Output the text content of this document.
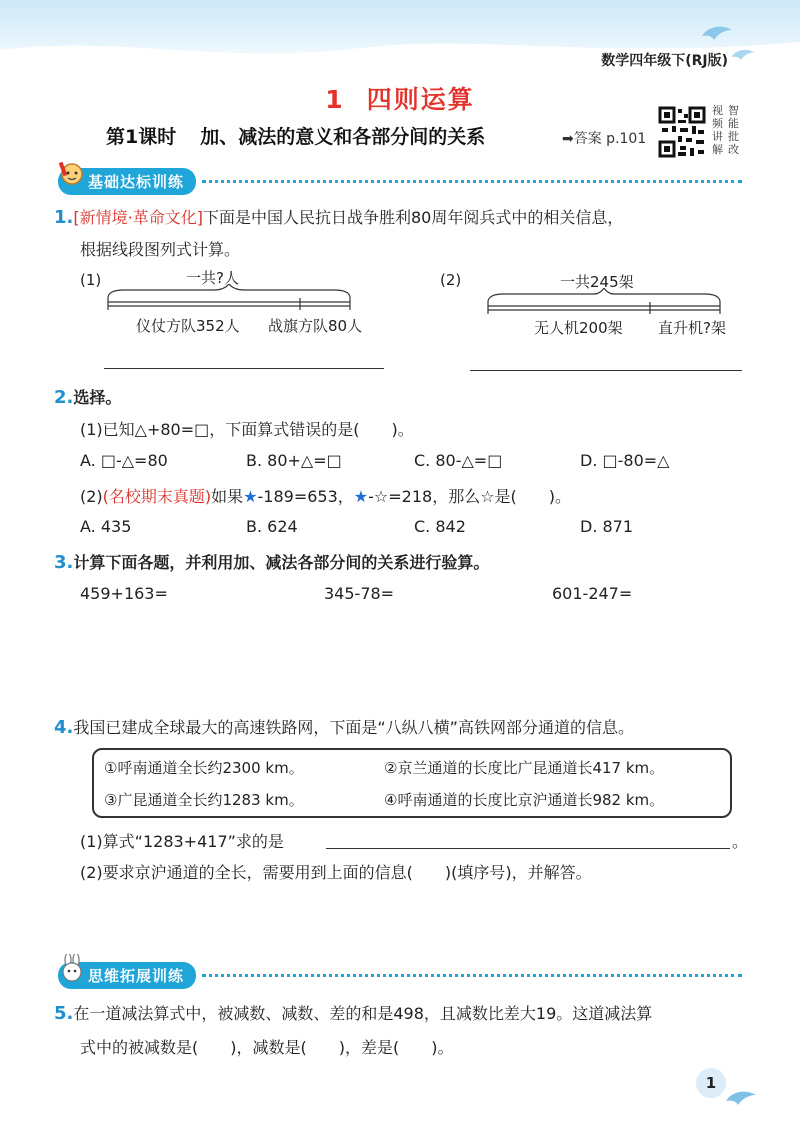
数学四年级下(RJ版)
1 四则运算
第1课时 加、减法的意义和各部分间的关系	➡答案 p.101
视 智
频 能
讲 批
解 改
基础达标训练
1.[新情境·革命文化]下面是中国人民抗日战争胜利80周年阅兵式中的相关信息，
根据线段图列式计算。
(1)	一共?人
仪仗方队352人 战旗方队80人
(2)	一共245架
无人机200架 直升机?架
2.选择。
(1)已知△+80=□，下面算式错误的是(　　)。
A. □-△=80	B. 80+△=□	C. 80-△=□	D. □-80=△
(2)(名校期末真题)如果★-189=653，★-☆=218，那么☆是(　　)。
A. 435	B. 624	C. 842	D. 871
3.计算下面各题，并利用加、减法各部分间的关系进行验算。
459+163=	345-78=	601-247=
4.我国已建成全球最大的高速铁路网，下面是“八纵八横”高铁网部分通道的信息。
①呼南通道全长约2300 km。	②京兰通道的长度比广昆通道长417 km。
③广昆通道全长约1283 km。	④呼南通道的长度比京沪通道长982 km。
(1)算式“1283+417”求的是	。
(2)要求京沪通道的全长，需要用到上面的信息(　　)(填序号)，并解答。
思维拓展训练
5.在一道减法算式中，被减数、减数、差的和是498，且减数比差大19。这道减法算
式中的被减数是(　　)，减数是(　　)，差是(　　)。
1
